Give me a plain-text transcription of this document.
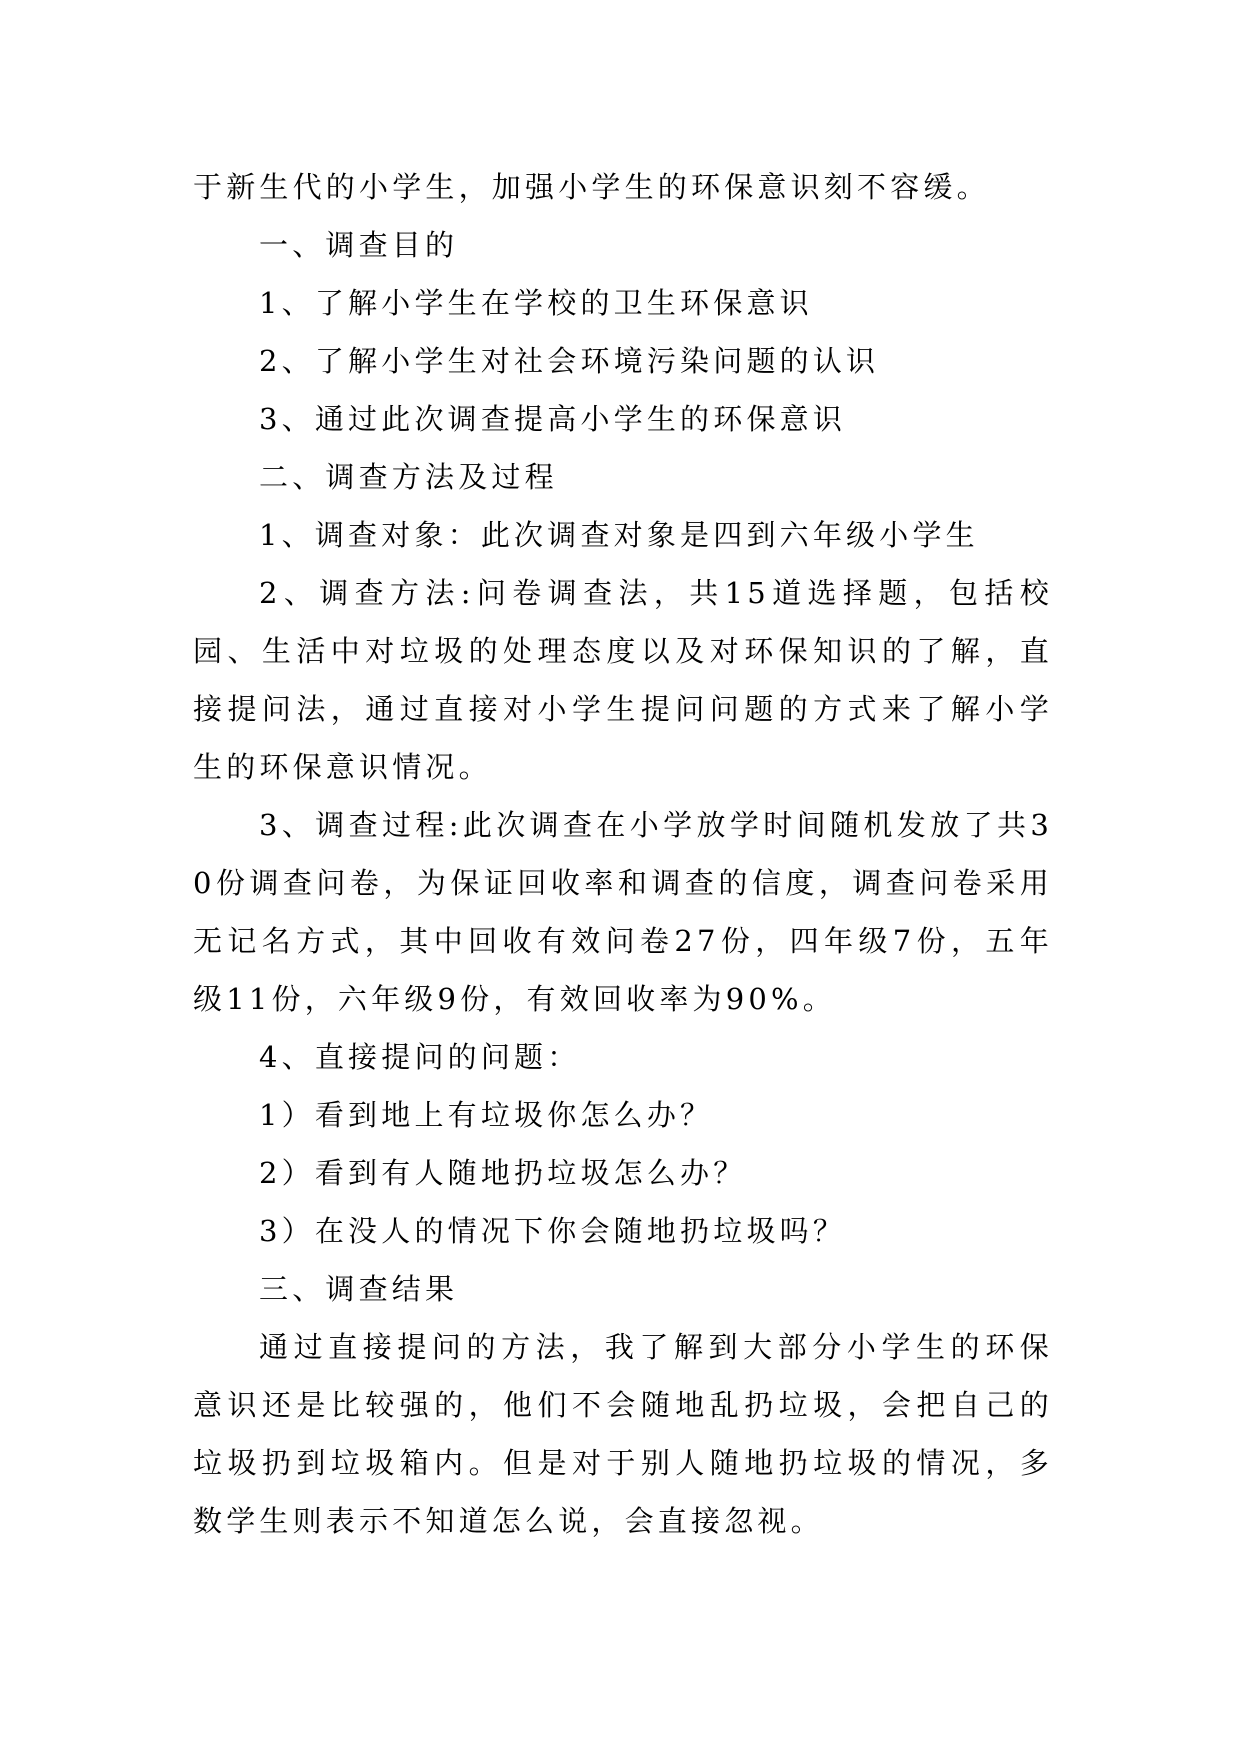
于新生代的小学生，加强小学生的环保意识刻不容缓。

一、调查目的

1、了解小学生在学校的卫生环保意识

2、了解小学生对社会环境污染问题的认识

3、通过此次调查提高小学生的环保意识

二、调查方法及过程

1、调查对象：此次调查对象是四到六年级小学生

2、调查方法:问卷调查法，共15道选择题，包括校园、生活中对垃圾的处理态度以及对环保知识的了解，直接提问法，通过直接对小学生提问问题的方式来了解小学生的环保意识情况。

3、调查过程:此次调查在小学放学时间随机发放了共30份调查问卷，为保证回收率和调查的信度，调查问卷采用无记名方式，其中回收有效问卷27份，四年级7份，五年级11份，六年级9份，有效回收率为90%。

4、直接提问的问题：

1）看到地上有垃圾你怎么办？

2）看到有人随地扔垃圾怎么办？

3）在没人的情况下你会随地扔垃圾吗？

三、调查结果

通过直接提问的方法，我了解到大部分小学生的环保意识还是比较强的，他们不会随地乱扔垃圾，会把自己的垃圾扔到垃圾箱内。但是对于别人随地扔垃圾的情况，多数学生则表示不知道怎么说，会直接忽视。
